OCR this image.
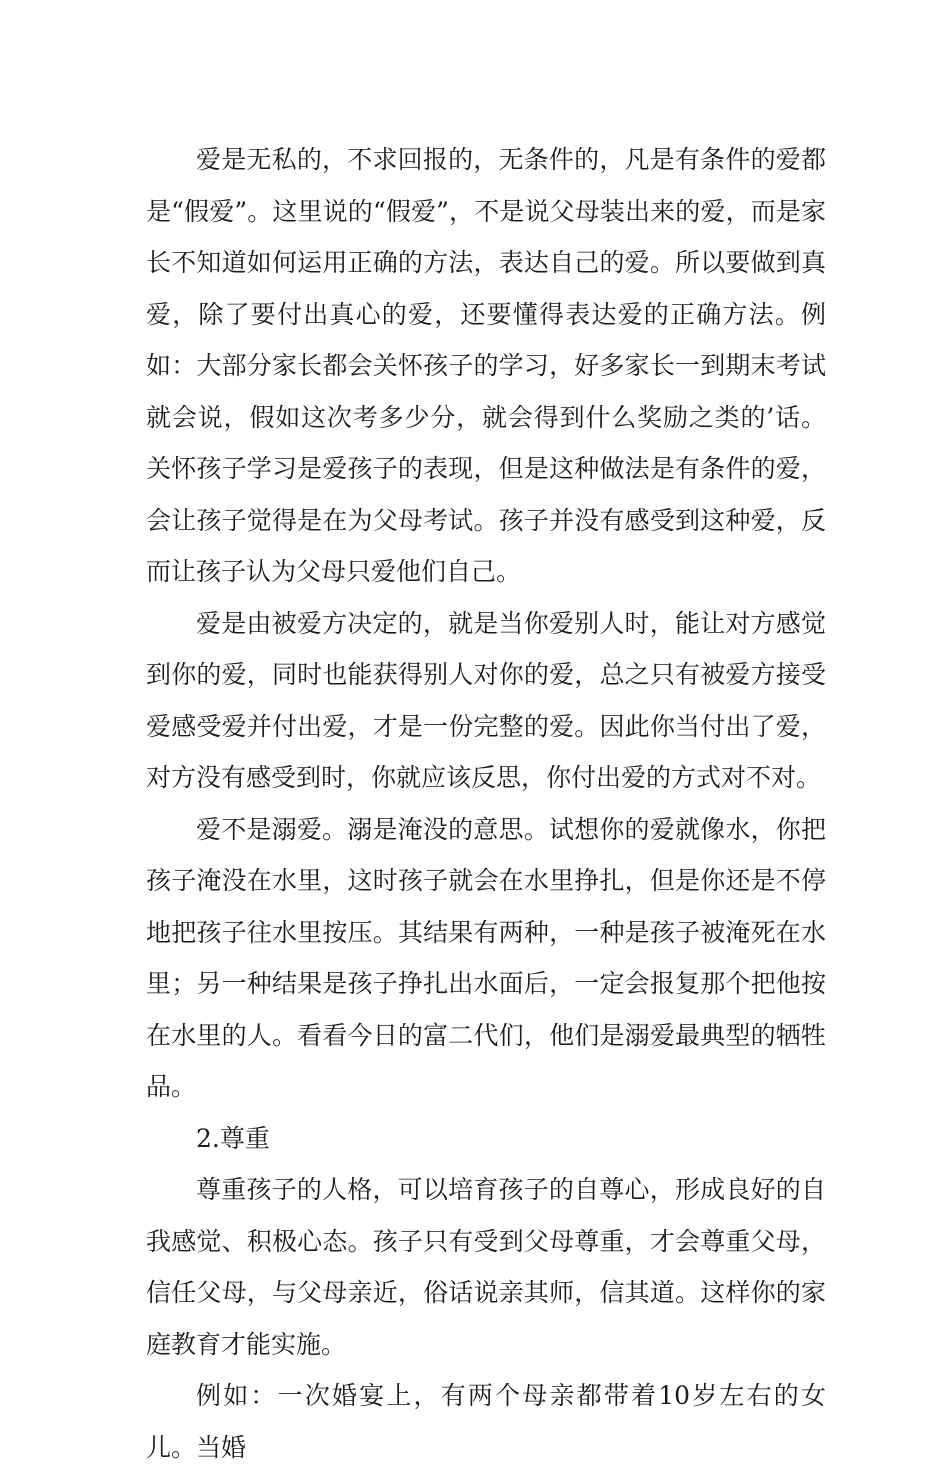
爱是无私的，不求回报的，无条件的，凡是有条件的爱都是“假爱”。这里说的“假爱”，不是说父母装出来的爱，而是家长不知道如何运用正确的方法，表达自己的爱。所以要做到真爱，除了要付出真心的爱，还要懂得表达爱的正确方法。例如：大部分家长都会关怀孩子的学习，好多家长一到期末考试就会说，假如这次考多少分，就会得到什么奖励之类的’话。关怀孩子学习是爱孩子的表现，但是这种做法是有条件的爱，会让孩子觉得是在为父母考试。孩子并没有感受到这种爱，反而让孩子认为父母只爱他们自己。

爱是由被爱方决定的，就是当你爱别人时，能让对方感觉到你的爱，同时也能获得别人对你的爱，总之只有被爱方接受爱感受爱并付出爱，才是一份完整的爱。因此你当付出了爱，对方没有感受到时，你就应该反思，你付出爱的方式对不对。

爱不是溺爱。溺是淹没的意思。试想你的爱就像水，你把孩子淹没在水里，这时孩子就会在水里挣扎，但是你还是不停地把孩子往水里按压。其结果有两种，一种是孩子被淹死在水里；另一种结果是孩子挣扎出水面后，一定会报复那个把他按在水里的人。看看今日的富二代们，他们是溺爱最典型的牺牲品。

2.尊重

尊重孩子的人格，可以培育孩子的自尊心，形成良好的自我感觉、积极心态。孩子只有受到父母尊重，才会尊重父母，信任父母，与父母亲近，俗话说亲其师，信其道。这样你的家庭教育才能实施。

例如：一次婚宴上，有两个母亲都带着10岁左右的女儿。当婚
